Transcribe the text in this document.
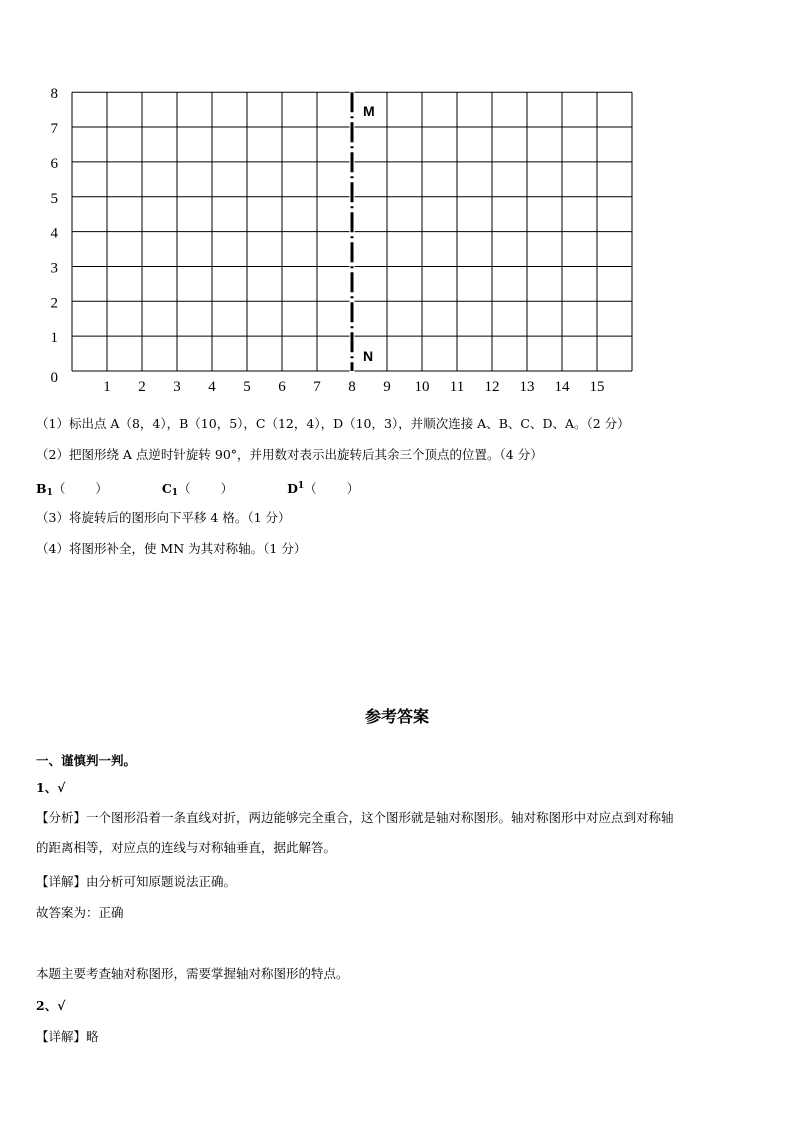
M
N
1 2 3 4 5 6 7 8 9 10 11 12 13 14 15
0
1
2
3
4
5
6
7
8
（1）标出点 A（8，4），B（10，5），C（12，4），D（10，3），并顺次连接 A、B、C、D、A。（2 分）
（2）把图形绕 A 点逆时针旋转 90°，并用数对表示出旋转后其余三个顶点的位置。（4 分）
$B_1$（ ）	$C_1$（ ）	$D^1$（ ）
（3）将旋转后的图形向下平移 4 格。（1 分）
（4）将图形补全，使 MN 为其对称轴。（1 分）
参考答案
一、谨慎判一判。
1、√
【分析】一个图形沿着一条直线对折，两边能够完全重合，这个图形就是轴对称图形。轴对称图形中对应点到对称轴
的距离相等，对应点的连线与对称轴垂直，据此解答。
【详解】由分析可知原题说法正确。
故答案为：正确
本题主要考查轴对称图形，需要掌握轴对称图形的特点。
2、√
【详解】略
